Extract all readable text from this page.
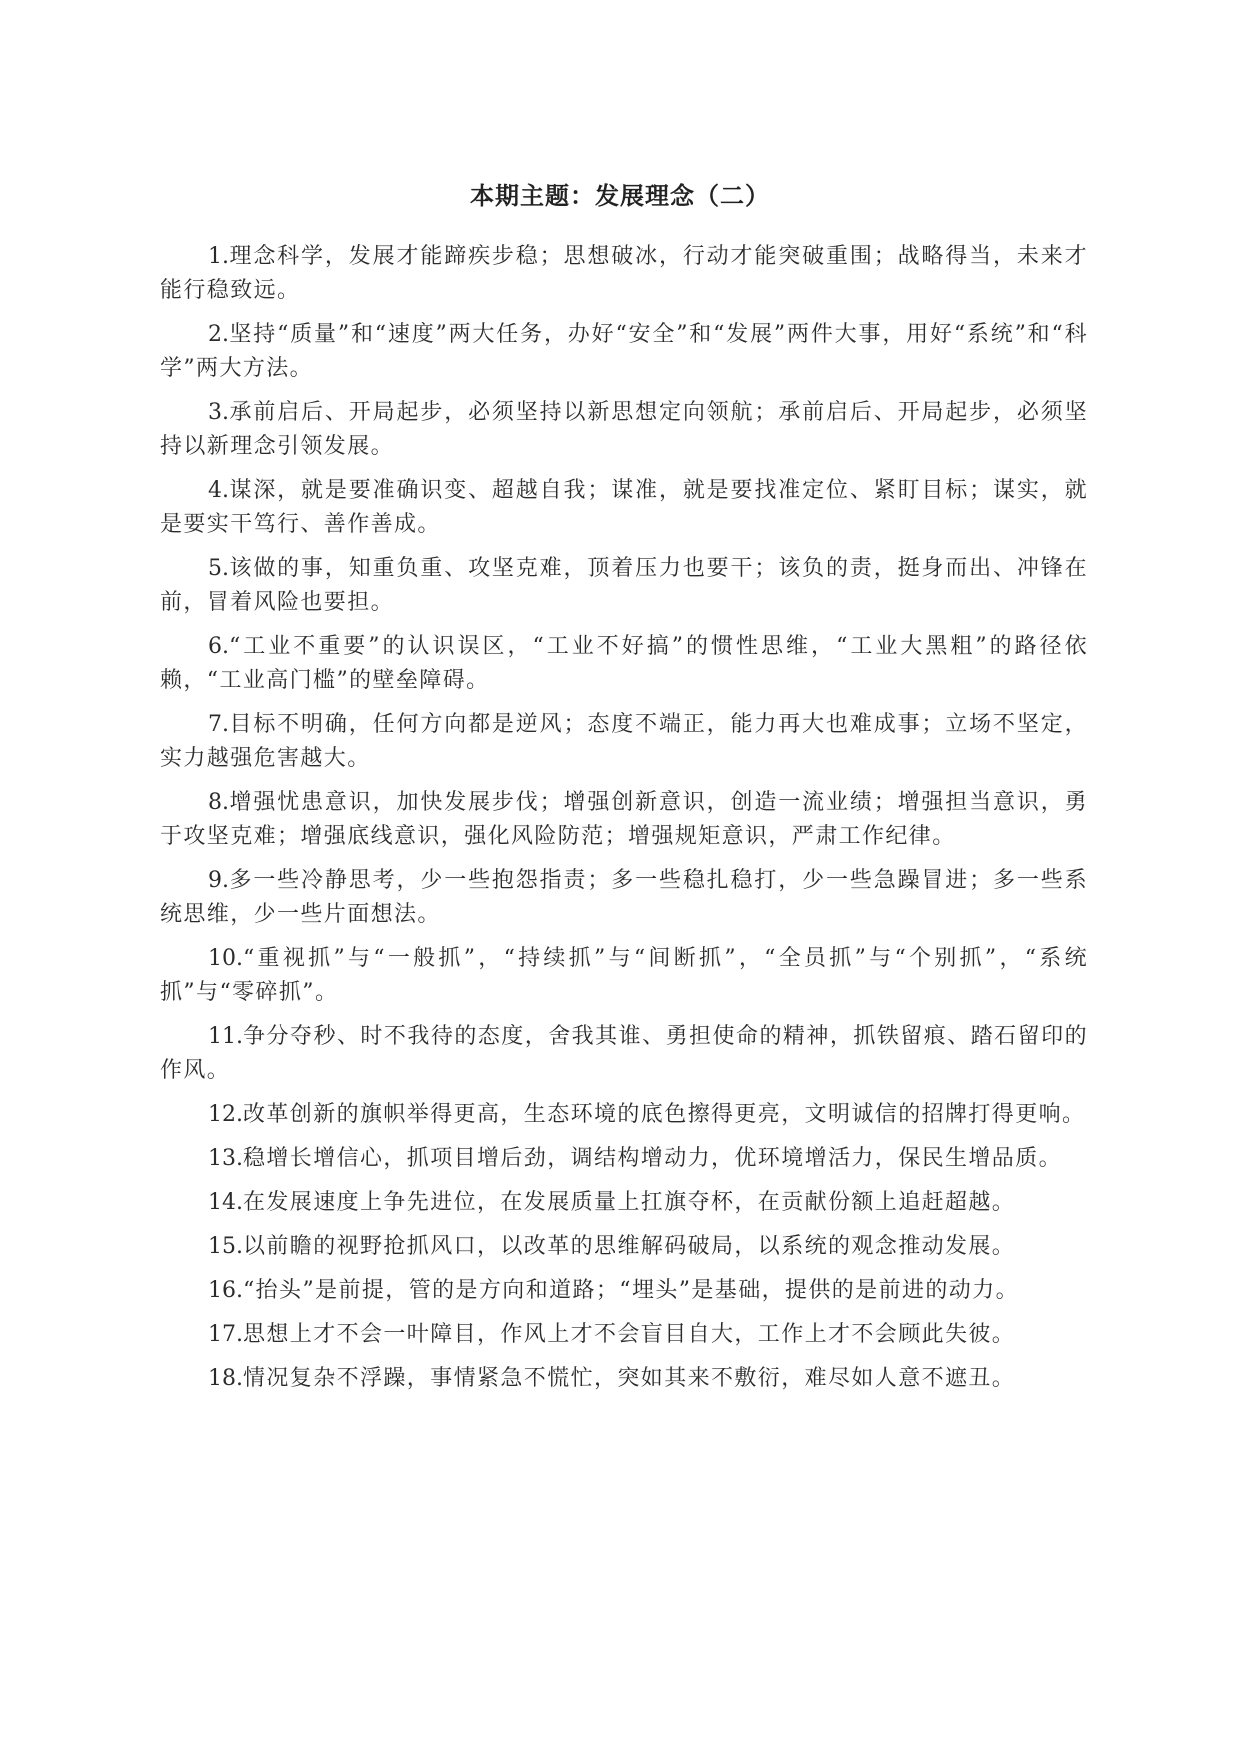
本期主题：发展理念（二）

1.理念科学，发展才能蹄疾步稳；思想破冰，行动才能突破重围；战略得当，未来才能行稳致远。

2.坚持“质量”和“速度”两大任务，办好“安全”和“发展”两件大事，用好“系统”和“科学”两大方法。

3.承前启后、开局起步，必须坚持以新思想定向领航；承前启后、开局起步，必须坚持以新理念引领发展。

4.谋深，就是要准确识变、超越自我；谋准，就是要找准定位、紧盯目标；谋实，就是要实干笃行、善作善成。

5.该做的事，知重负重、攻坚克难，顶着压力也要干；该负的责，挺身而出、冲锋在前，冒着风险也要担。

6.“工业不重要”的认识误区，“工业不好搞”的惯性思维，“工业大黑粗”的路径依赖，“工业高门槛”的壁垒障碍。

7.目标不明确，任何方向都是逆风；态度不端正，能力再大也难成事；立场不坚定，实力越强危害越大。

8.增强忧患意识，加快发展步伐；增强创新意识，创造一流业绩；增强担当意识，勇于攻坚克难；增强底线意识，强化风险防范；增强规矩意识，严肃工作纪律。

9.多一些冷静思考，少一些抱怨指责；多一些稳扎稳打，少一些急躁冒进；多一些系统思维，少一些片面想法。

10.“重视抓”与“一般抓”，“持续抓”与“间断抓”，“全员抓”与“个别抓”，“系统抓”与“零碎抓”。

11.争分夺秒、时不我待的态度，舍我其谁、勇担使命的精神，抓铁留痕、踏石留印的作风。

12.改革创新的旗帜举得更高，生态环境的底色擦得更亮，文明诚信的招牌打得更响。

13.稳增长增信心，抓项目增后劲，调结构增动力，优环境增活力，保民生增品质。

14.在发展速度上争先进位，在发展质量上扛旗夺杯，在贡献份额上追赶超越。

15.以前瞻的视野抢抓风口，以改革的思维解码破局，以系统的观念推动发展。

16.“抬头”是前提，管的是方向和道路；“埋头”是基础，提供的是前进的动力。

17.思想上才不会一叶障目，作风上才不会盲目自大，工作上才不会顾此失彼。

18.情况复杂不浮躁，事情紧急不慌忙，突如其来不敷衍，难尽如人意不遮丑。
